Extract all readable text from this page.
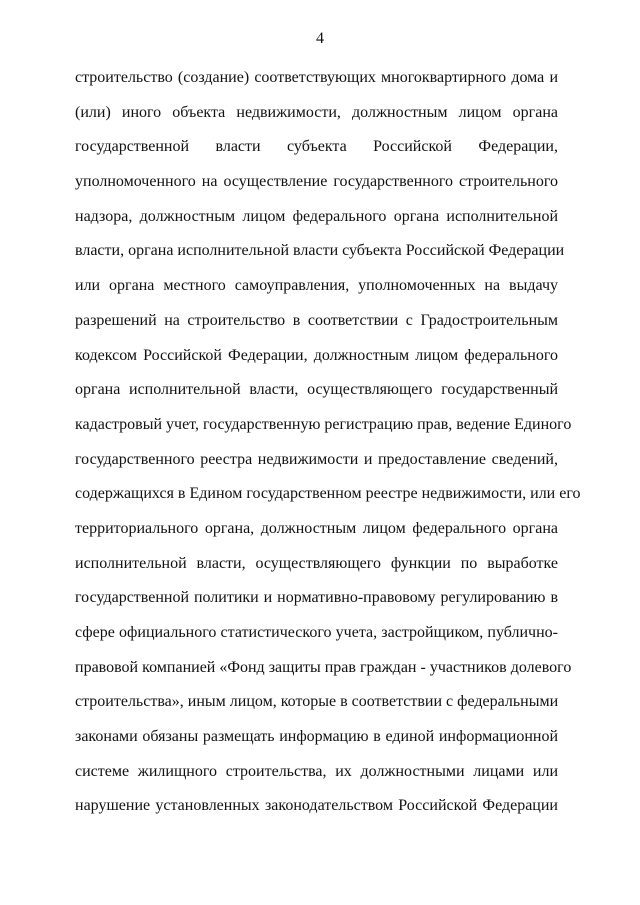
4
строительство (создание) соответствующих многоквартирного дома и
(или) иного объекта недвижимости, должностным лицом органа
государственной власти субъекта Российской Федерации,
уполномоченного на осуществление государственного строительного
надзора, должностным лицом федерального органа исполнительной
власти, органа исполнительной власти субъекта Российской Федерации
или органа местного самоуправления, уполномоченных на выдачу
разрешений на строительство в соответствии с Градостроительным
кодексом Российской Федерации, должностным лицом федерального
органа исполнительной власти, осуществляющего государственный
кадастровый учет, государственную регистрацию прав, ведение Единого
государственного реестра недвижимости и предоставление сведений,
содержащихся в Едином государственном реестре недвижимости, или его
территориального органа, должностным лицом федерального органа
исполнительной власти, осуществляющего функции по выработке
государственной политики и нормативно-правовому регулированию в
сфере официального статистического учета, застройщиком, публично-
правовой компанией «Фонд защиты прав граждан - участников долевого
строительства», иным лицом, которые в соответствии с федеральными
законами обязаны размещать информацию в единой информационной
системе жилищного строительства, их должностными лицами или
нарушение установленных законодательством Российской Федерации
